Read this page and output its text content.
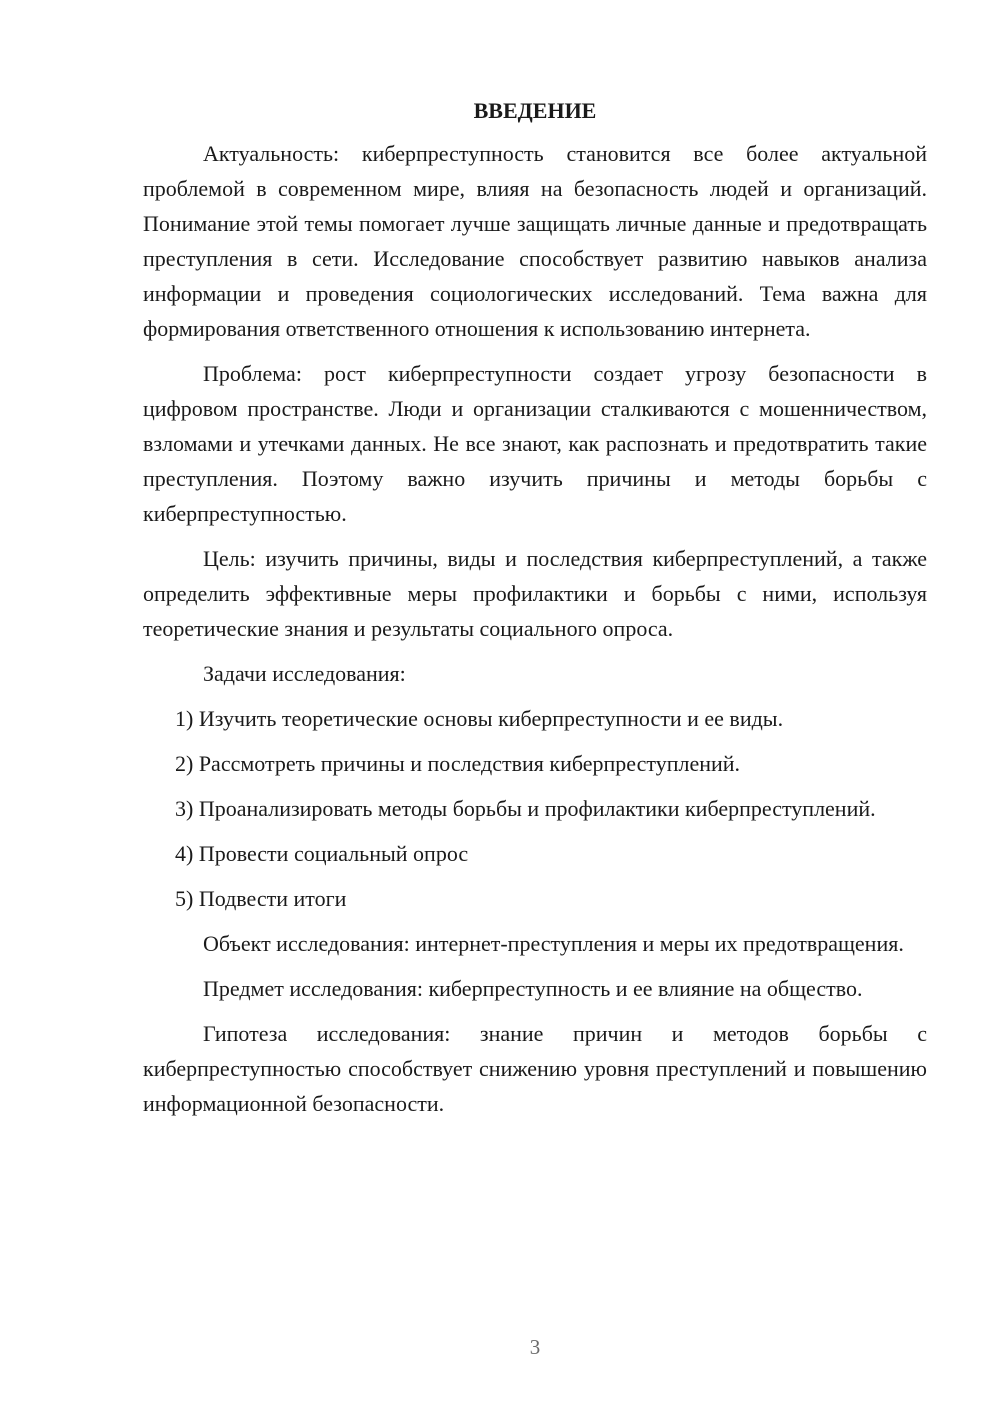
ВВЕДЕНИЕ
Актуальность: киберпреступность становится все более актуальной проблемой в современном мире, влияя на безопасность людей и организаций. Понимание этой темы помогает лучше защищать личные данные и предотвращать преступления в сети. Исследование способствует развитию навыков анализа информации и проведения социологических исследований. Тема важна для формирования ответственного отношения к использованию интернета.
Проблема: рост киберпреступности создает угрозу безопасности в цифровом пространстве. Люди и организации сталкиваются с мошенничеством, взломами и утечками данных. Не все знают, как распознать и предотвратить такие преступления. Поэтому важно изучить причины и методы борьбы с киберпреступностью.
Цель: изучить причины, виды и последствия киберпреступлений, а также определить эффективные меры профилактики и борьбы с ними, используя теоретические знания и результаты социального опроса.
Задачи исследования:
1) Изучить теоретические основы киберпреступности и ее виды.
2) Рассмотреть причины и последствия киберпреступлений.
3) Проанализировать методы борьбы и профилактики киберпреступлений.
4) Провести социальный опрос
5) Подвести итоги
Объект исследования: интернет-преступления и меры их предотвращения.
Предмет исследования: киберпреступность и ее влияние на общество.
Гипотеза исследования: знание причин и методов борьбы с киберпреступностью способствует снижению уровня преступлений и повышению информационной безопасности.
3
